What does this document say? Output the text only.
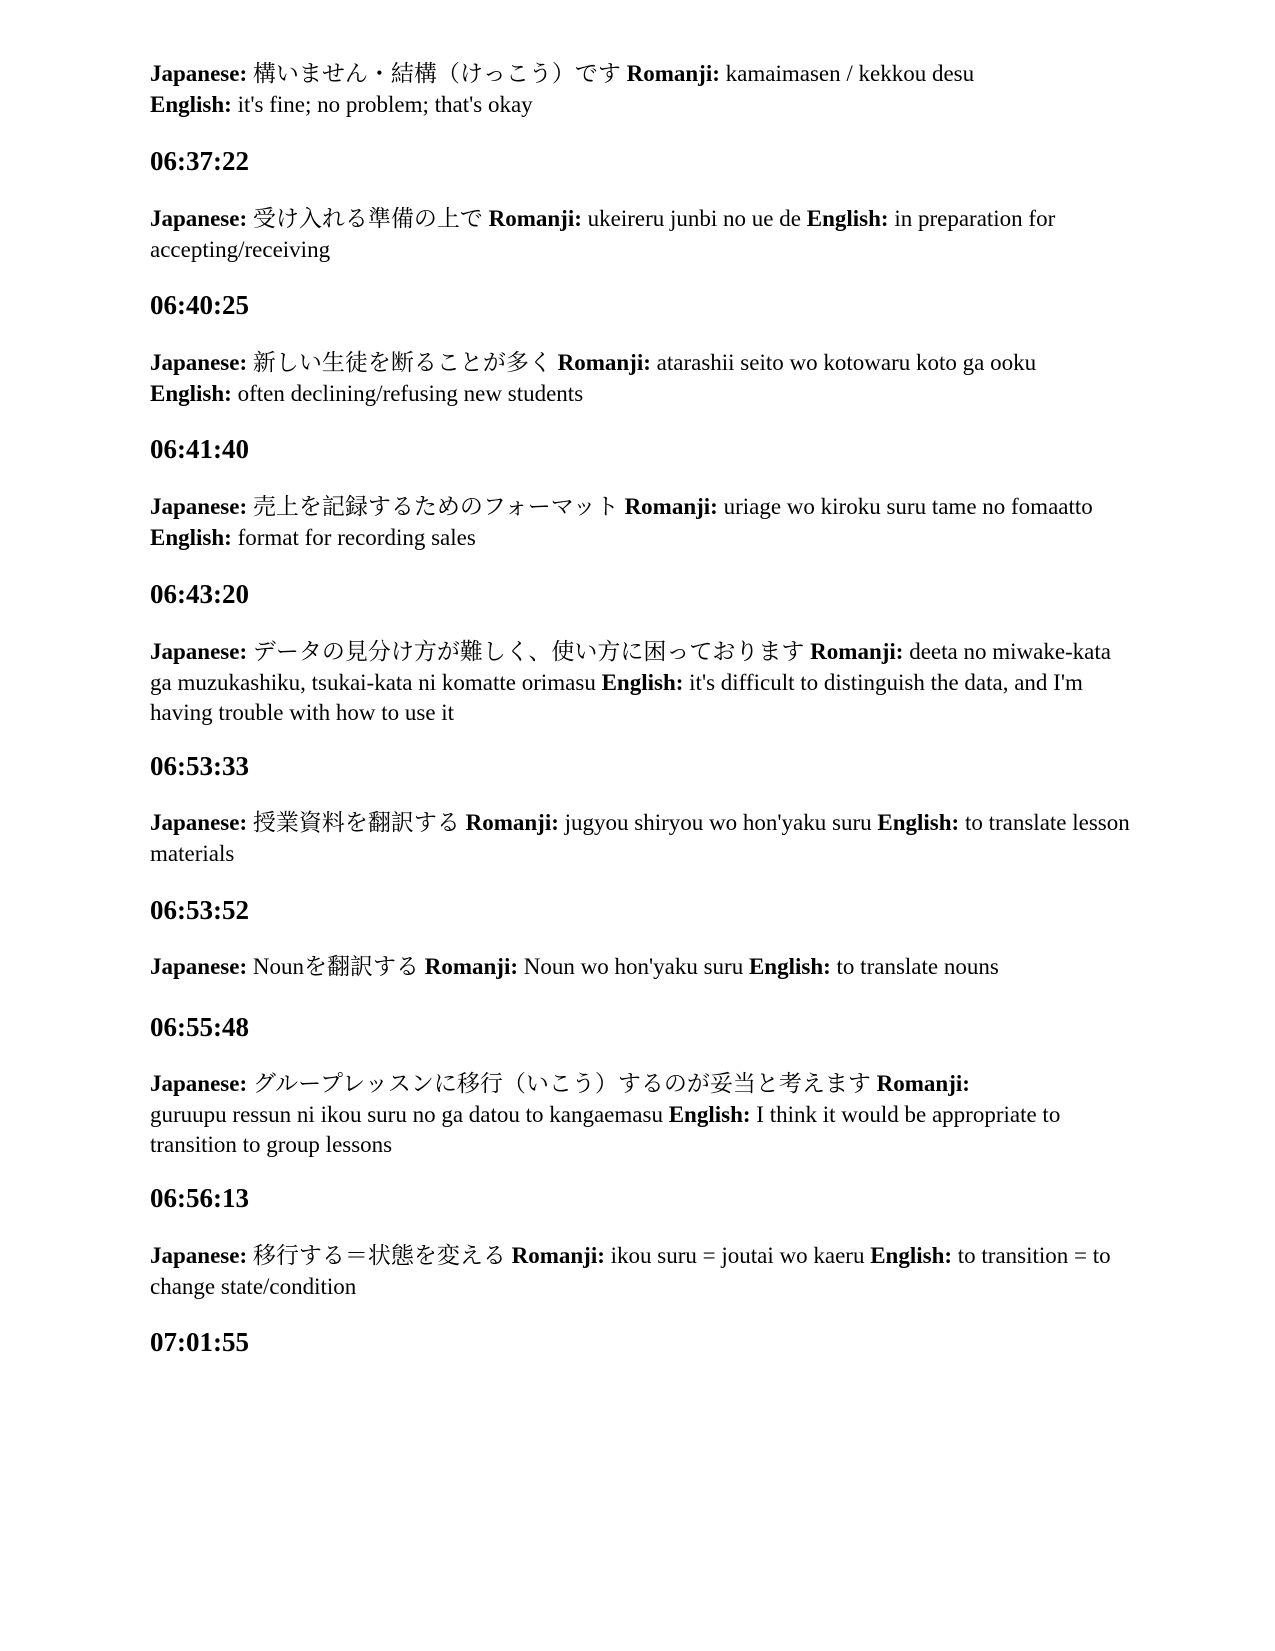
Japanese: 構いません・結構（けっこう）です Romanji: kamaimasen / kekkou desu
English: it's fine; no problem; that's okay
06:37:22
Japanese: 受け入れる準備の上で Romanji: ukeireru junbi no ue de English: in preparation for accepting/receiving
06:40:25
Japanese: 新しい生徒を断ることが多く Romanji: atarashii seito wo kotowaru koto ga ooku
English: often declining/refusing new students
06:41:40
Japanese: 売上を記録するためのフォーマット Romanji: uriage wo kiroku suru tame no fomaatto English: format for recording sales
06:43:20
Japanese: データの見分け方が難しく、使い方に困っております Romanji: deeta no miwake-kata ga muzukashiku, tsukai-kata ni komatte orimasu English: it's difficult to distinguish the data, and I'm having trouble with how to use it
06:53:33
Japanese: 授業資料を翻訳する Romanji: jugyou shiryou wo hon'yaku suru English: to translate lesson materials
06:53:52
Japanese: Nounを翻訳する Romanji: Noun wo hon'yaku suru English: to translate nouns
06:55:48
Japanese: グループレッスンに移行（いこう）するのが妥当と考えます Romanji:
guruupu ressun ni ikou suru no ga datou to kangaemasu English: I think it would be appropriate to transition to group lessons
06:56:13
Japanese: 移行する＝状態を変える Romanji: ikou suru = joutai wo kaeru English: to transition = to change state/condition
07:01:55
